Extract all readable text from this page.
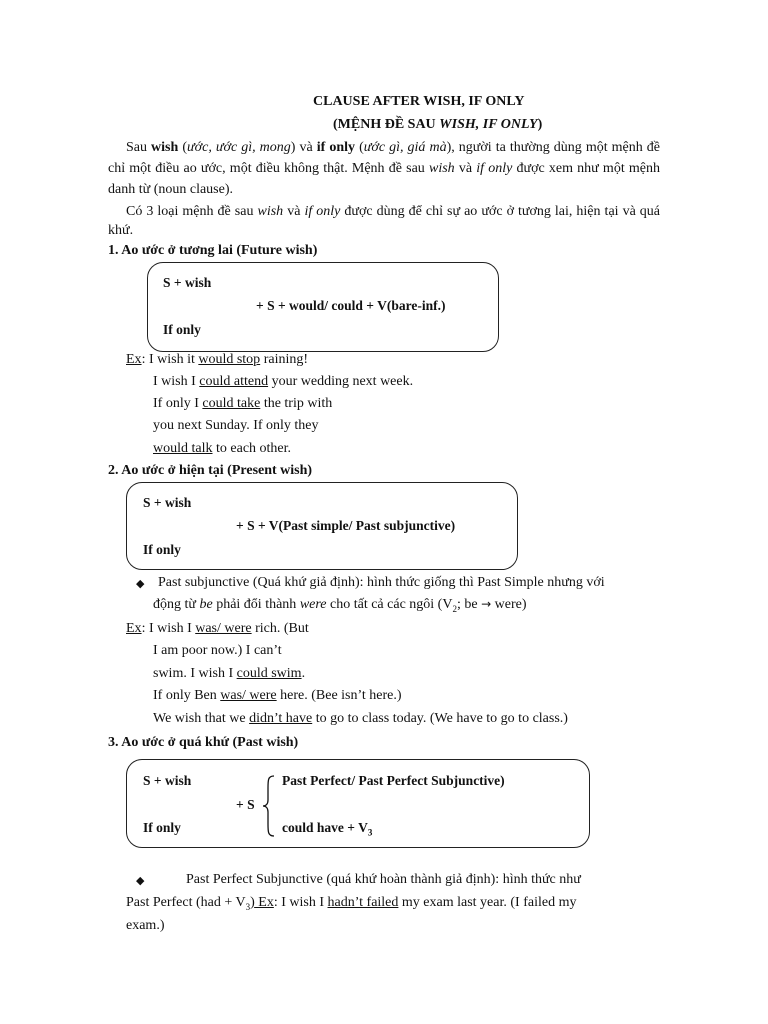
CLAUSE AFTER WISH, IF ONLY
(MỆNH ĐỀ SAU WISH, IF ONLY)
Sau wish (ước, ước gì, mong) và if only (ước gì, giá mà), người ta thường dùng một mệnh đề chỉ một điều ao ước, một điều không thật. Mệnh đề sau wish và if only được xem như một mệnh danh từ (noun clause).
Có 3 loại mệnh đề sau wish và if only được dùng để chỉ sự ao ước ở tương lai, hiện tại và quá khứ.
1. Ao ước ở tương lai (Future wish)
S + wish
+ S + would/ could + V(bare-inf.)
If only
Ex: I wish it would stop raining!
I wish I could attend your wedding next week.
If only I could take the trip with
you next Sunday. If only they
would talk to each other.
2. Ao ước ở hiện tại (Present wish)
S + wish
+ S + V(Past simple/ Past subjunctive)
If only
◆ Past subjunctive (Quá khứ giả định): hình thức giống thì Past Simple nhưng với
động từ be phải đổi thành were cho tất cả các ngôi ($V_2$; be → were)
Ex: I wish I was/ were rich. (But
I am poor now.) I can’t
swim. I wish I could swim.
If only Ben was/ were here. (Bee isn’t here.)
We wish that we didn’t have to go to class today. (We have to go to class.)
3. Ao ước ở quá khứ (Past wish)
S + wish
+ S
If only
Past Perfect/ Past Perfect Subjunctive)
could have + $V_3$
◆	Past Perfect Subjunctive (quá khứ hoàn thành giả định): hình thức như
Past Perfect $(had + V_3)$ Ex: I wish I hadn’t failed my exam last year. (I failed my
exam.)
